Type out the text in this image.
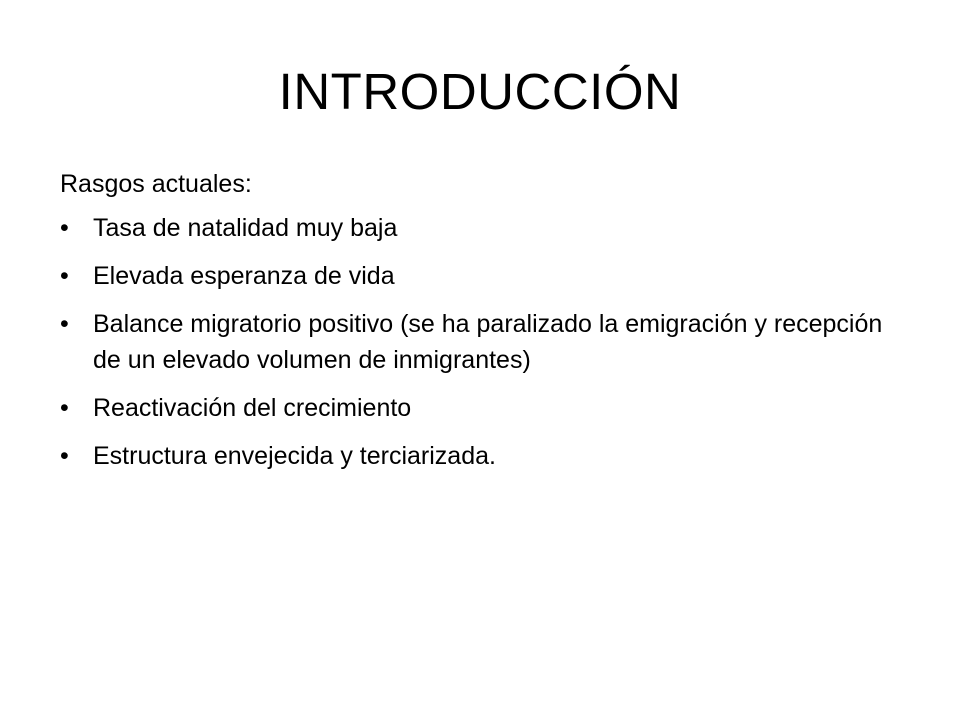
INTRODUCCIÓN

Rasgos actuales:

• Tasa de natalidad muy baja
• Elevada esperanza de vida
• Balance migratorio positivo (se ha paralizado la emigración y recepción de un elevado volumen de inmigrantes)
• Reactivación del crecimiento
• Estructura envejecida y terciarizada.
